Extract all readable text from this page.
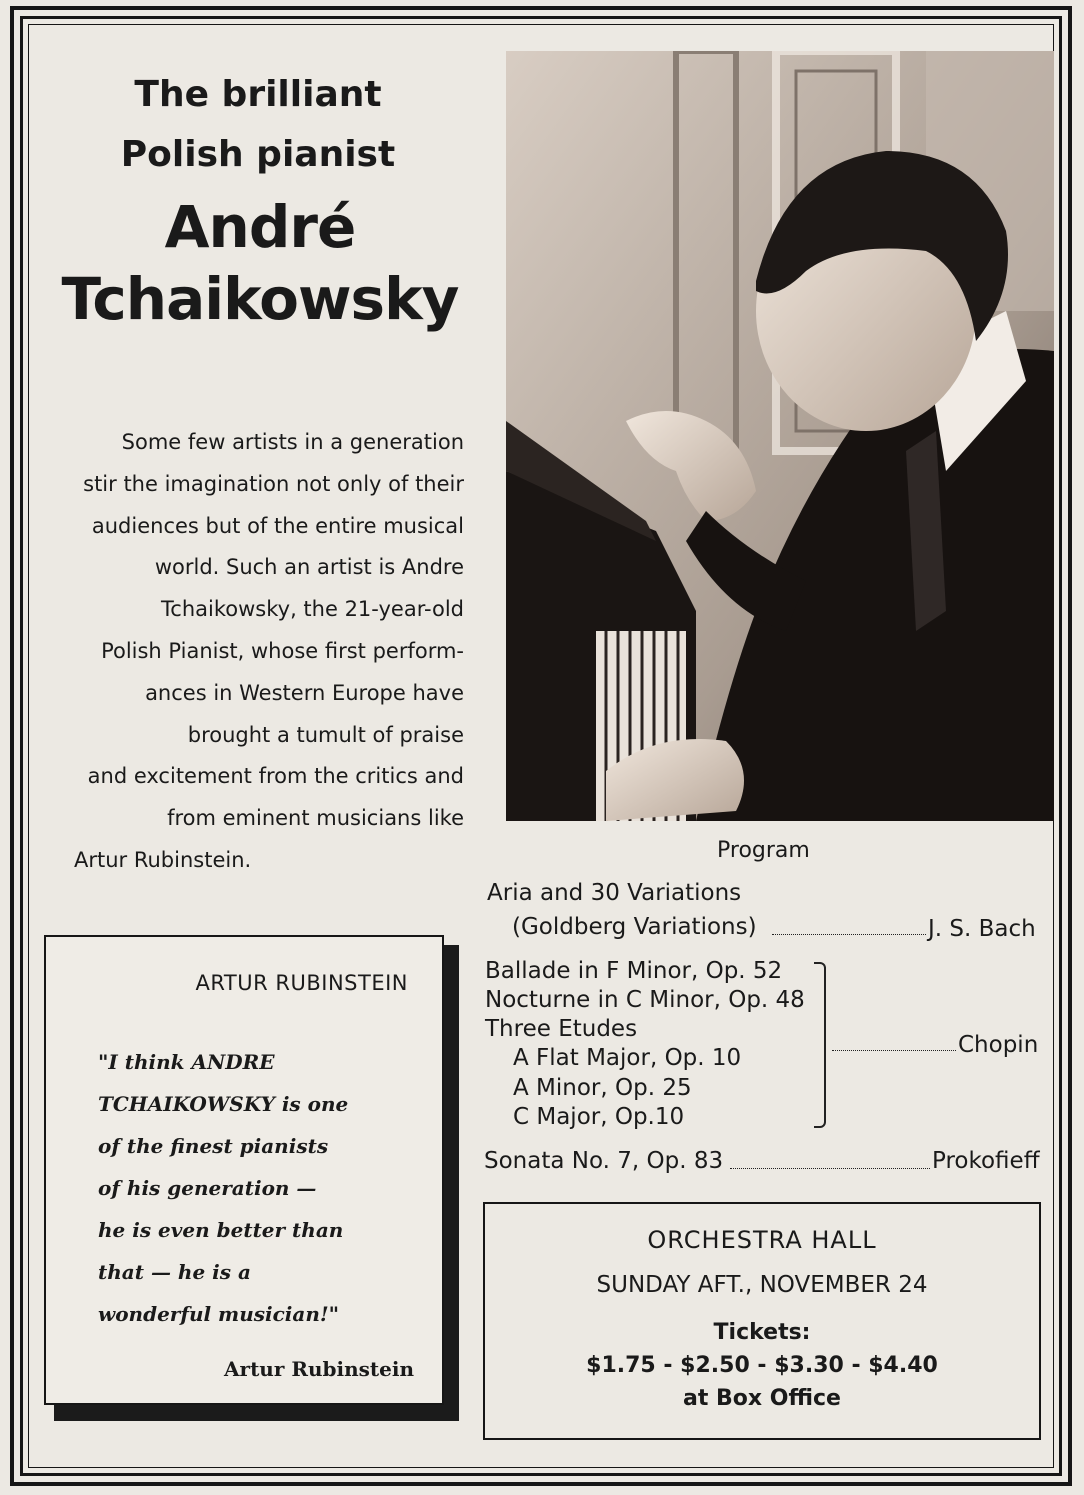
The brilliant
Polish pianist
André
Tchaikowsky
Some few artists in a generation
stir the imagination not only of their
audiences but of the entire musical
world. Such an artist is Andre
Tchaikowsky, the 21-year-old
Polish Pianist, whose first perform-
ances in Western Europe have
brought a tumult of praise
and excitement from the critics and
from eminent musicians like
Artur Rubinstein.
ARTUR RUBINSTEIN
"I think ANDRE
TCHAIKOWSKY is one
of the finest pianists
of his generation —
he is even better than
that — he is a
wonderful musician!"
Artur Rubinstein
Program
Aria and 30 Variations
(Goldberg Variations)	J. S. Bach
Ballade in F Minor, Op. 52
Nocturne in C Minor, Op. 48
Three Etudes
A Flat Major, Op. 10
A Minor, Op. 25
C Major, Op.10
Chopin
Sonata No. 7, Op. 83	Prokofieff
ORCHESTRA HALL
SUNDAY AFT., NOVEMBER 24
Tickets:
$1.75 - $2.50 - $3.30 - $4.40
at Box Office
